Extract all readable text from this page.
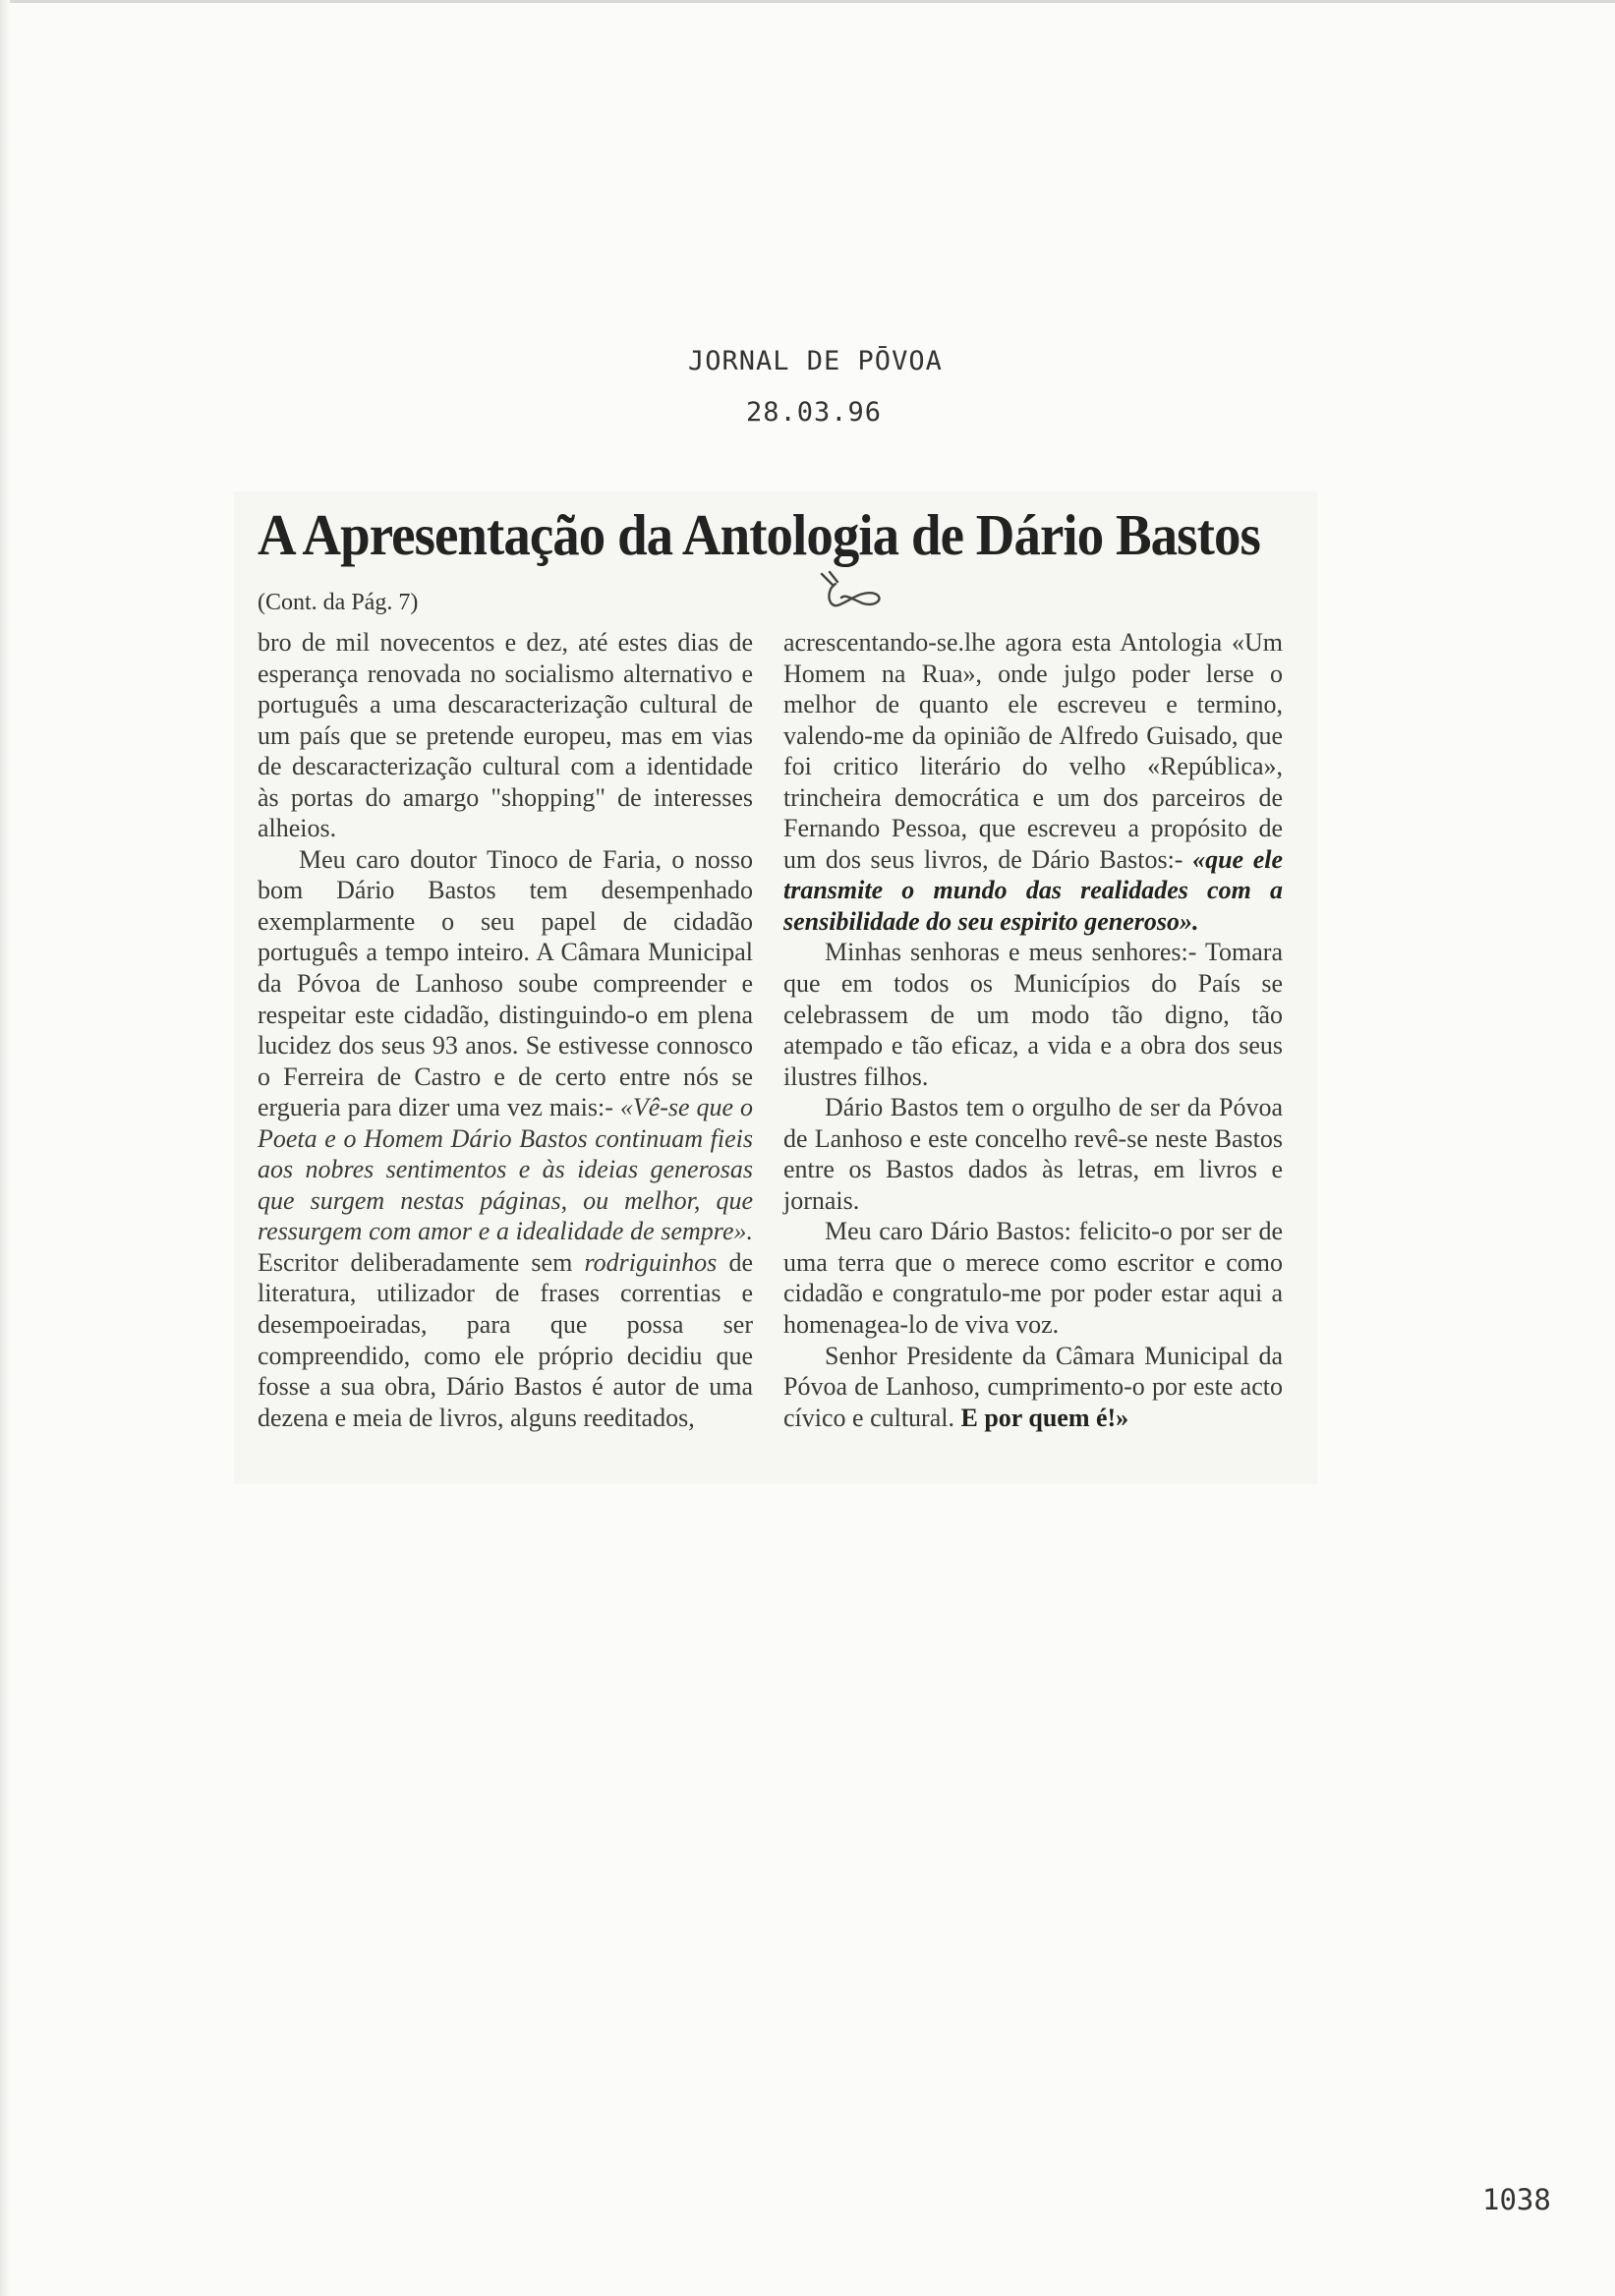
JORNAL DE PŌVOA
28.03.96
A Apresentação da Antologia de Dário Bastos
(Cont. da Pág. 7)

bro de mil novecentos e dez, até estes dias de esperança renovada no socialismo alternativo e português a uma descaracterização cultural de um país que se pretende europeu, mas em vias de descaracterização cultural com a identidade às portas do amargo "shopping" de interesses alheios.

Meu caro doutor Tinoco de Faria, o nosso bom Dário Bastos tem desempenhado exemplarmente o seu papel de cidadão português a tempo inteiro. A Câmara Municipal da Póvoa de Lanhoso soube compreender e respeitar este cidadão, distinguindo-o em plena lucidez dos seus 93 anos. Se estivesse connosco o Ferreira de Castro e de certo entre nós se ergueria para dizer uma vez mais:- «Vê-se que o Poeta e o Homem Dário Bastos continuam fieis aos nobres sentimentos e às ideias generosas que surgem nestas páginas, ou melhor, que ressurgem com amor e a idealidade de sempre». Escritor deliberadamente sem rodriguinhos de literatura, utilizador de frases correntias e desempoeiradas, para que possa ser compreendido, como ele próprio decidiu que fosse a sua obra, Dário Bastos é autor de uma dezena e meia de livros, alguns reeditados,

acrescentando-se.lhe agora esta Antologia «Um Homem na Rua», onde julgo poder lerse o melhor de quanto ele escreveu e termino, valendo-me da opinião de Alfredo Guisado, que foi critico literário do velho «República», trincheira democrática e um dos parceiros de Fernando Pessoa, que escreveu a propósito de um dos seus livros, de Dário Bastos:- «que ele transmite o mundo das realidades com a sensibilidade do seu espirito generoso».

Minhas senhoras e meus senhores:- Tomara que em todos os Municípios do País se celebrassem de um modo tão digno, tão atempado e tão eficaz, a vida e a obra dos seus ilustres filhos.

Dário Bastos tem o orgulho de ser da Póvoa de Lanhoso e este concelho revê-se neste Bastos entre os Bastos dados às letras, em livros e jornais.

Meu caro Dário Bastos: felicito-o por ser de uma terra que o merece como escritor e como cidadão e congratulo-me por poder estar aqui a homenagea-lo de viva voz.

Senhor Presidente da Câmara Municipal da Póvoa de Lanhoso, cumprimento-o por este acto cívico e cultural. E por quem é!»

1038
